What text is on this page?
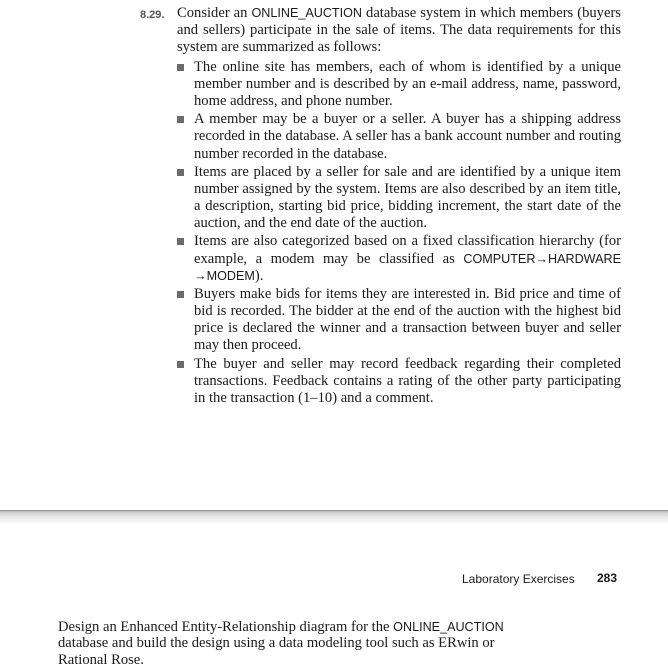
8.29. Consider an ONLINE_AUCTION database system in which members (buyers and sellers) participate in the sale of items. The data requirements for this system are summarized as follows:

The online site has members, each of whom is identified by a unique member number and is described by an e-mail address, name, password, home address, and phone number.
A member may be a buyer or a seller. A buyer has a shipping address recorded in the database. A seller has a bank account number and routing number recorded in the database.
Items are placed by a seller for sale and are identified by a unique item number assigned by the system. Items are also described by an item title, a description, starting bid price, bidding increment, the start date of the auction, and the end date of the auction.
Items are also categorized based on a fixed classification hierarchy (for example, a modem may be classified as COMPUTER→HARDWARE →MODEM).
Buyers make bids for items they are interested in. Bid price and time of bid is recorded. The bidder at the end of the auction with the highest bid price is declared the winner and a transaction between buyer and seller may then proceed.
The buyer and seller may record feedback regarding their completed transactions. Feedback contains a rating of the other party participating in the transaction (1–10) and a comment.
Laboratory Exercises 283
Design an Enhanced Entity-Relationship diagram for the ONLINE_AUCTION database and build the design using a data modeling tool such as ERwin or Rational Rose.
